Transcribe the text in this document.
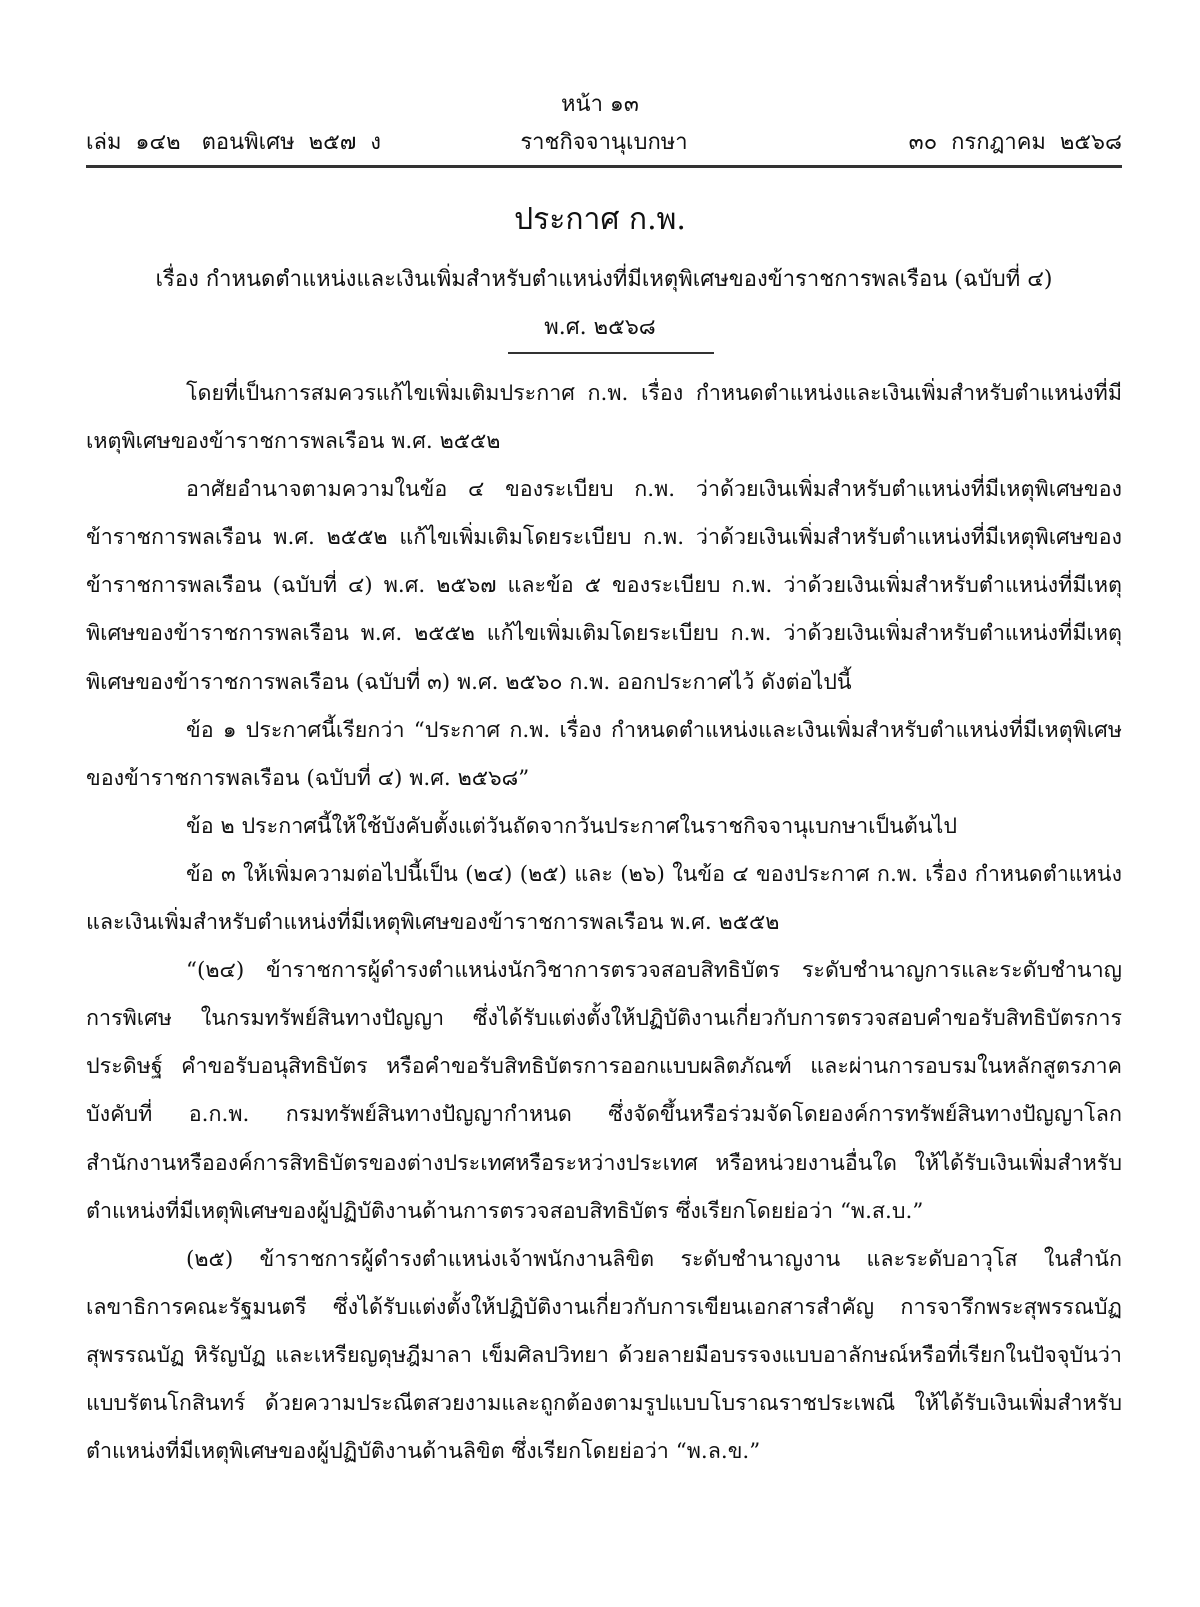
หน้า ๑๓
เล่ม  ๑๔๒   ตอนพิเศษ  ๒๕๗  ง	ราชกิจจานุเบกษา	๓๐  กรกฎาคม  ๒๕๖๘
ประกาศ ก.พ.
เรื่อง กำหนดตำแหน่งและเงินเพิ่มสำหรับตำแหน่งที่มีเหตุพิเศษของข้าราชการพลเรือน (ฉบับที่ ๔)
พ.ศ. ๒๕๖๘

โดยที่เป็นการสมควรแก้ไขเพิ่มเติมประกาศ ก.พ. เรื่อง กำหนดตำแหน่งและเงินเพิ่มสำหรับตำแหน่งที่มีเหตุพิเศษของข้าราชการพลเรือน พ.ศ. ๒๕๕๒

อาศัยอำนาจตามความในข้อ ๔ ของระเบียบ ก.พ. ว่าด้วยเงินเพิ่มสำหรับตำแหน่งที่มีเหตุพิเศษของข้าราชการพลเรือน พ.ศ. ๒๕๕๒ แก้ไขเพิ่มเติมโดยระเบียบ ก.พ. ว่าด้วยเงินเพิ่มสำหรับตำแหน่งที่มีเหตุพิเศษของข้าราชการพลเรือน (ฉบับที่ ๔) พ.ศ. ๒๕๖๗ และข้อ ๕ ของระเบียบ ก.พ. ว่าด้วยเงินเพิ่มสำหรับตำแหน่งที่มีเหตุพิเศษของข้าราชการพลเรือน พ.ศ. ๒๕๕๒ แก้ไขเพิ่มเติมโดยระเบียบ ก.พ. ว่าด้วยเงินเพิ่มสำหรับตำแหน่งที่มีเหตุพิเศษของข้าราชการพลเรือน (ฉบับที่ ๓) พ.ศ. ๒๕๖๐ ก.พ. ออกประกาศไว้ ดังต่อไปนี้

ข้อ ๑ ประกาศนี้เรียกว่า “ประกาศ ก.พ. เรื่อง กำหนดตำแหน่งและเงินเพิ่มสำหรับตำแหน่งที่มีเหตุพิเศษของข้าราชการพลเรือน (ฉบับที่ ๔) พ.ศ. ๒๕๖๘”

ข้อ ๒ ประกาศนี้ให้ใช้บังคับตั้งแต่วันถัดจากวันประกาศในราชกิจจานุเบกษาเป็นต้นไป

ข้อ ๓ ให้เพิ่มความต่อไปนี้เป็น (๒๔) (๒๕) และ (๒๖) ในข้อ ๔ ของประกาศ ก.พ. เรื่อง กำหนดตำแหน่งและเงินเพิ่มสำหรับตำแหน่งที่มีเหตุพิเศษของข้าราชการพลเรือน พ.ศ. ๒๕๕๒

“(๒๔) ข้าราชการผู้ดำรงตำแหน่งนักวิชาการตรวจสอบสิทธิบัตร ระดับชำนาญการและระดับชำนาญการพิเศษ ในกรมทรัพย์สินทางปัญญา ซึ่งได้รับแต่งตั้งให้ปฏิบัติงานเกี่ยวกับการตรวจสอบคำขอรับสิทธิบัตรการประดิษฐ์ คำขอรับอนุสิทธิบัตร หรือคำขอรับสิทธิบัตรการออกแบบผลิตภัณฑ์ และผ่านการอบรมในหลักสูตรภาคบังคับที่ อ.ก.พ. กรมทรัพย์สินทางปัญญากำหนด ซึ่งจัดขึ้นหรือร่วมจัดโดยองค์การทรัพย์สินทางปัญญาโลก สำนักงานหรือองค์การสิทธิบัตรของต่างประเทศหรือระหว่างประเทศ หรือหน่วยงานอื่นใด ให้ได้รับเงินเพิ่มสำหรับตำแหน่งที่มีเหตุพิเศษของผู้ปฏิบัติงานด้านการตรวจสอบสิทธิบัตร ซึ่งเรียกโดยย่อว่า “พ.ส.บ.”

(๒๕) ข้าราชการผู้ดำรงตำแหน่งเจ้าพนักงานลิขิต ระดับชำนาญงาน และระดับอาวุโส ในสำนักเลขาธิการคณะรัฐมนตรี ซึ่งได้รับแต่งตั้งให้ปฏิบัติงานเกี่ยวกับการเขียนเอกสารสำคัญ การจารึกพระสุพรรณบัฏ สุพรรณบัฏ หิรัญบัฏ และเหรียญดุษฎีมาลา เข็มศิลปวิทยา ด้วยลายมือบรรจงแบบอาลักษณ์หรือที่เรียกในปัจจุบันว่าแบบรัตนโกสินทร์ ด้วยความประณีตสวยงามและถูกต้องตามรูปแบบโบราณราชประเพณี ให้ได้รับเงินเพิ่มสำหรับตำแหน่งที่มีเหตุพิเศษของผู้ปฏิบัติงานด้านลิขิต ซึ่งเรียกโดยย่อว่า “พ.ล.ข.”
